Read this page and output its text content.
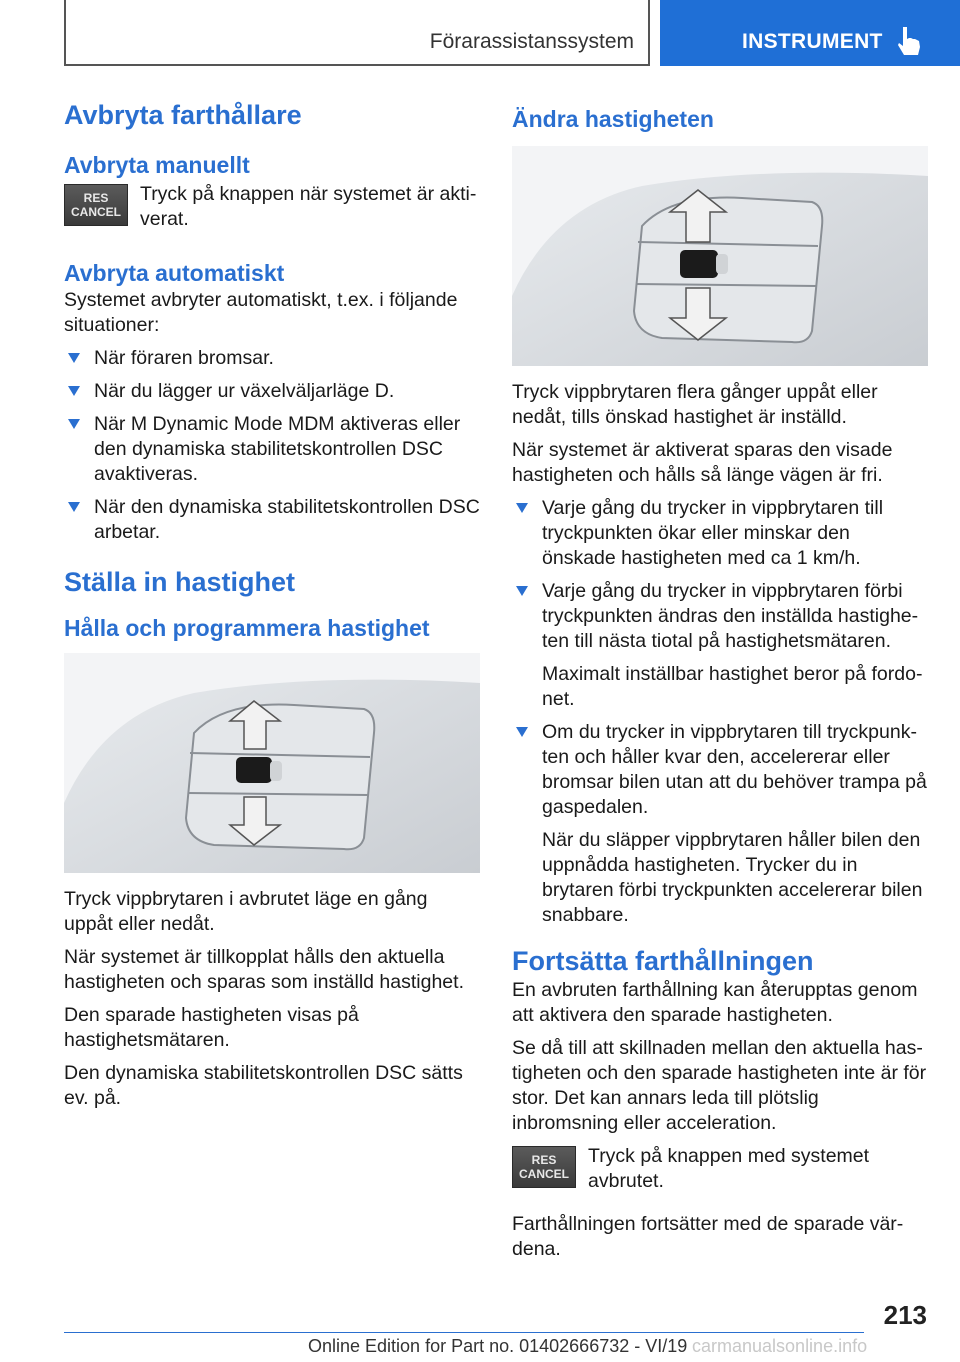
Förarassistanssystem	INSTRUMENT
Avbryta farthållare
Avbryta manuellt
RES
CANCEL
Tryck på knappen när systemet är aktiverat.
Avbryta automatiskt

Systemet avbryter automatiskt, t.ex. i följande situationer:

När föraren bromsar.
När du lägger ur växelväljarläge D.
När M Dynamic Mode MDM aktiveras eller den dynamiska stabilitetskontrollen DSC avaktiveras.
När den dynamiska stabilitetskontrollen DSC arbetar.
Ställa in hastighet
Hålla och programmera hastighet

Tryck vippbrytaren i avbrutet läge en gång uppåt eller nedåt.

När systemet är tillkopplat hålls den aktuella hastigheten och sparas som inställd hastighet.

Den sparade hastigheten visas på hastighetsmätaren.

Den dynamiska stabilitetskontrollen DSC sätts ev. på.

Ändra hastigheten

Tryck vippbrytaren flera gånger uppåt eller nedåt, tills önskad hastighet är inställd.

När systemet är aktiverat sparas den visade hastigheten och hålls så länge vägen är fri.

Varje gång du trycker in vippbrytaren till tryckpunkten ökar eller minskar den önskade hastigheten med ca 1 km/h.
Varje gång du trycker in vippbrytaren förbi tryckpunkten ändras den inställda hastigheten till nästa tiotal på hastighetsmätaren.
Maximalt inställbar hastighet beror på fordonet.
Om du trycker in vippbrytaren till tryckpunkten och håller kvar den, accelererar eller bromsar bilen utan att du behöver trampa på gaspedalen.
När du släpper vippbrytaren håller bilen den uppnådda hastigheten. Trycker du in brytaren förbi tryckpunkten accelererar bilen snabbare.
Fortsätta farthållningen

En avbruten farthållning kan återupptas genom att aktivera den sparade hastigheten.

Se då till att skillnaden mellan den aktuella hastigheten och den sparade hastigheten inte är för stor. Det kan annars leda till plötslig inbromsning eller acceleration.

RES
CANCEL
Tryck på knappen med systemet avbrutet.

Farthållningen fortsätter med de sparade värdena.

213
Online Edition for Part no. 01402666732 - VI/19 carmanualsonline.info
